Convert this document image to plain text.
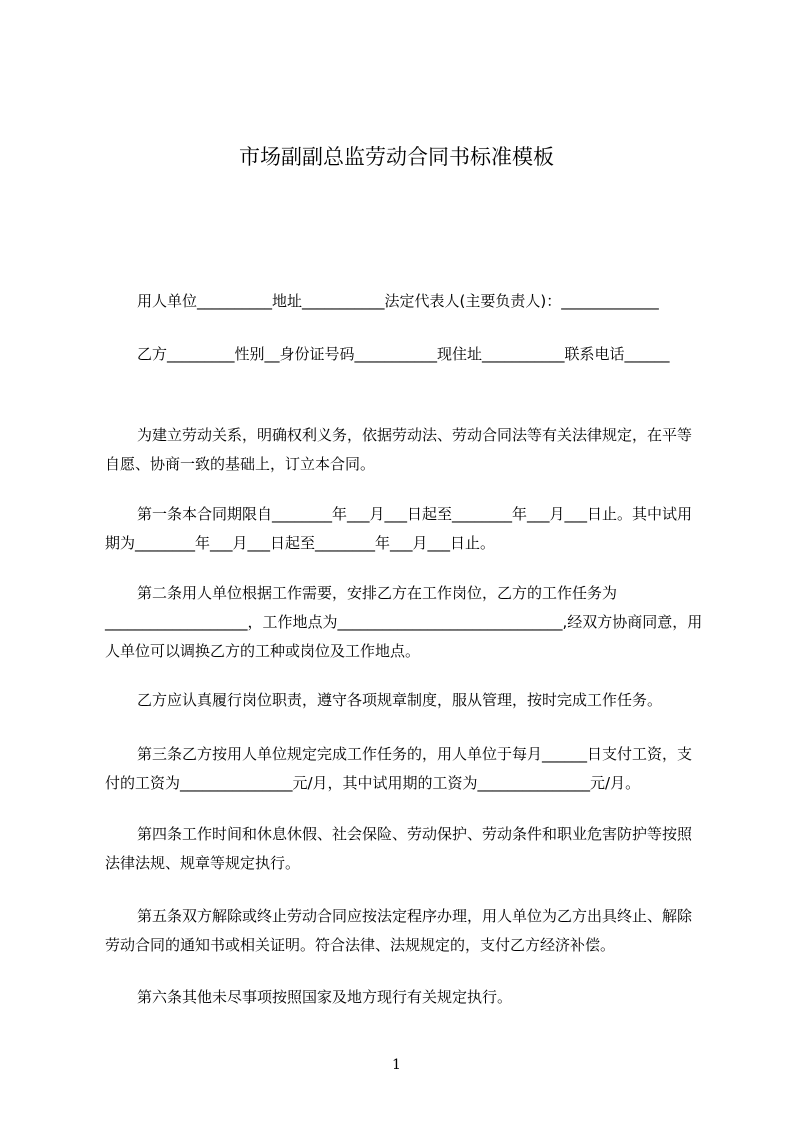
市场副副总监劳动合同书标准模板

用人单位__________地址___________法定代表人(主要负责人)：_____________

乙方_________性别__身份证号码___________现住址___________联系电话______

为建立劳动关系，明确权利义务，依据劳动法、劳动合同法等有关法律规定，在平等自愿、协商一致的基础上，订立本合同。

第一条本合同期限自________年___月___日起至________年___月___日止。其中试用期为________年___月___日起至________年___月___日止。

第二条用人单位根据工作需要，安排乙方在工作岗位，乙方的工作任务为___________________，工作地点为______________________________,经双方协商同意，用人单位可以调换乙方的工种或岗位及工作地点。

乙方应认真履行岗位职责，遵守各项规章制度，服从管理，按时完成工作任务。

第三条乙方按用人单位规定完成工作任务的，用人单位于每月______日支付工资，支付的工资为_______________元/月，其中试用期的工资为_______________元/月。

第四条工作时间和休息休假、社会保险、劳动保护、劳动条件和职业危害防护等按照法律法规、规章等规定执行。

第五条双方解除或终止劳动合同应按法定程序办理，用人单位为乙方出具终止、解除劳动合同的通知书或相关证明。符合法律、法规规定的，支付乙方经济补偿。

第六条其他未尽事项按照国家及地方现行有关规定执行。

1
